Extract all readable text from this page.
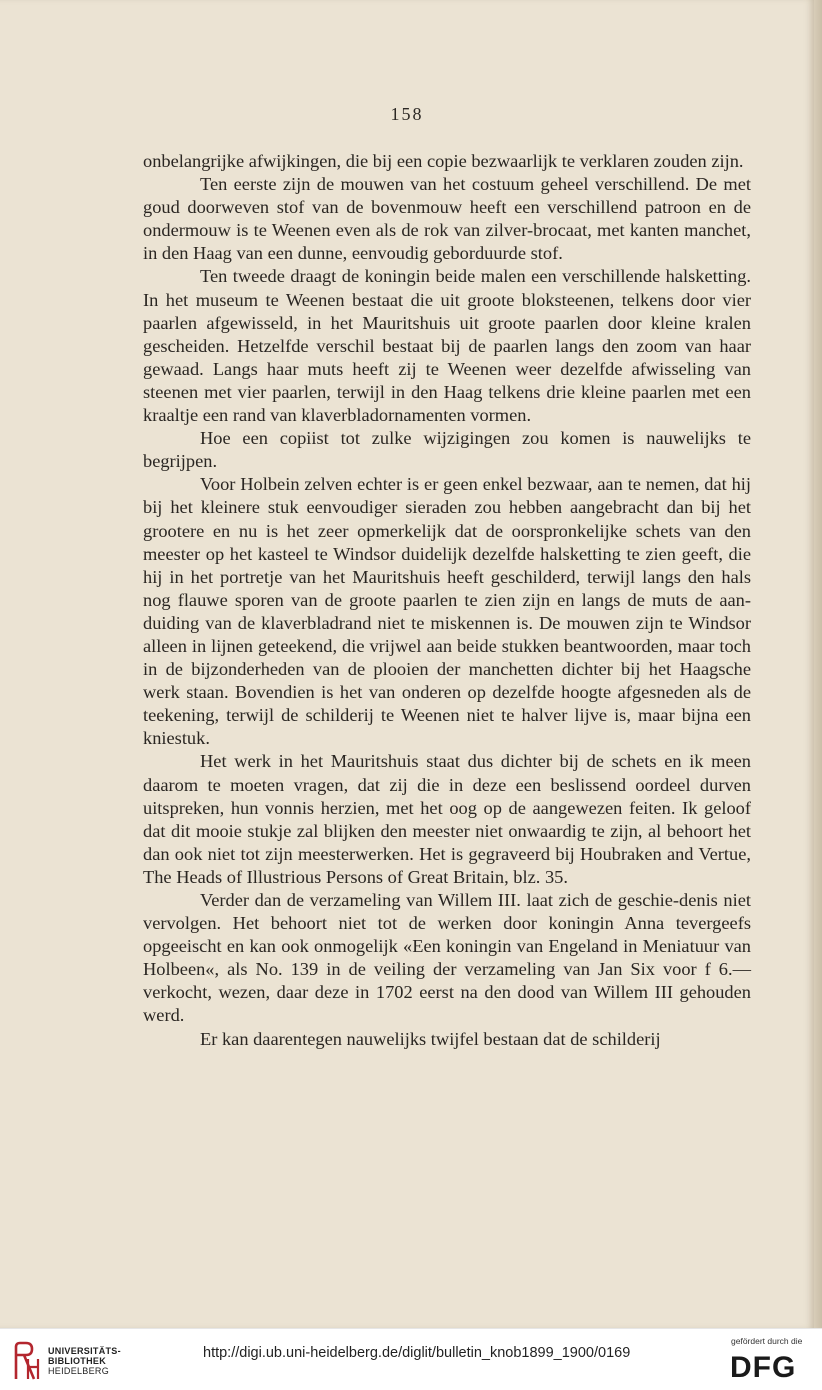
158

onbelangrijke afwijkingen, die bij een copie bezwaarlijk te verklaren zouden zijn.

Ten eerste zijn de mouwen van het costuum geheel verschillend. De met goud doorweven stof van de bovenmouw heeft een verschillend patroon en de ondermouw is te Weenen even als de rok van zilver-brocaat, met kanten manchet, in den Haag van een dunne, eenvoudig geborduurde stof.

Ten tweede draagt de koningin beide malen een verschillende halsketting. In het museum te Weenen bestaat die uit groote bloksteenen, telkens door vier paarlen afgewisseld, in het Mauritshuis uit groote paarlen door kleine kralen gescheiden. Hetzelfde verschil bestaat bij de paarlen langs den zoom van haar gewaad. Langs haar muts heeft zij te Weenen weer dezelfde afwisseling van steenen met vier paarlen, terwijl in den Haag telkens drie kleine paarlen met een kraaltje een rand van klaverbladornamenten vormen.

Hoe een copiist tot zulke wijzigingen zou komen is nauwelijks te begrijpen.

Voor Holbein zelven echter is er geen enkel bezwaar, aan te nemen, dat hij bij het kleinere stuk eenvoudiger sieraden zou hebben aangebracht dan bij het grootere en nu is het zeer opmerkelijk dat de oorspronkelijke schets van den meester op het kasteel te Windsor duidelijk dezelfde halsketting te zien geeft, die hij in het portretje van het Mauritshuis heeft geschilderd, terwijl langs den hals nog flauwe sporen van de groote paarlen te zien zijn en langs de muts de aan-duiding van de klaverbladrand niet te miskennen is. De mouwen zijn te Windsor alleen in lijnen geteekend, die vrijwel aan beide stukken beantwoorden, maar toch in de bijzonderheden van de plooien der manchetten dichter bij het Haagsche werk staan. Bovendien is het van onderen op dezelfde hoogte afgesneden als de teekening, terwijl de schilderij te Weenen niet te halver lijve is, maar bijna een kniestuk.

Het werk in het Mauritshuis staat dus dichter bij de schets en ik meen daarom te moeten vragen, dat zij die in deze een beslissend oordeel durven uitspreken, hun vonnis herzien, met het oog op de aangewezen feiten. Ik geloof dat dit mooie stukje zal blijken den meester niet onwaardig te zijn, al behoort het dan ook niet tot zijn meesterwerken. Het is gegraveerd bij Houbraken and Vertue, The Heads of Illustrious Persons of Great Britain, blz. 35.

Verder dan de verzameling van Willem III. laat zich de geschie-denis niet vervolgen. Het behoort niet tot de werken door koningin Anna tevergeefs opgeeischt en kan ook onmogelijk «Een koningin van Engeland in Meniatuur van Holbeen«, als No. 139 in de veiling der verzameling van Jan Six voor f 6.— verkocht, wezen, daar deze in 1702 eerst na den dood van Willem III gehouden werd.

Er kan daarentegen nauwelijks twijfel bestaan dat de schilderij

UNIVERSITÄTS-
BIBLIOTHEK
HEIDELBERG
http://digi.ub.uni-heidelberg.de/diglit/bulletin_knob1899_1900/0169
gefördert durch die
DFG
